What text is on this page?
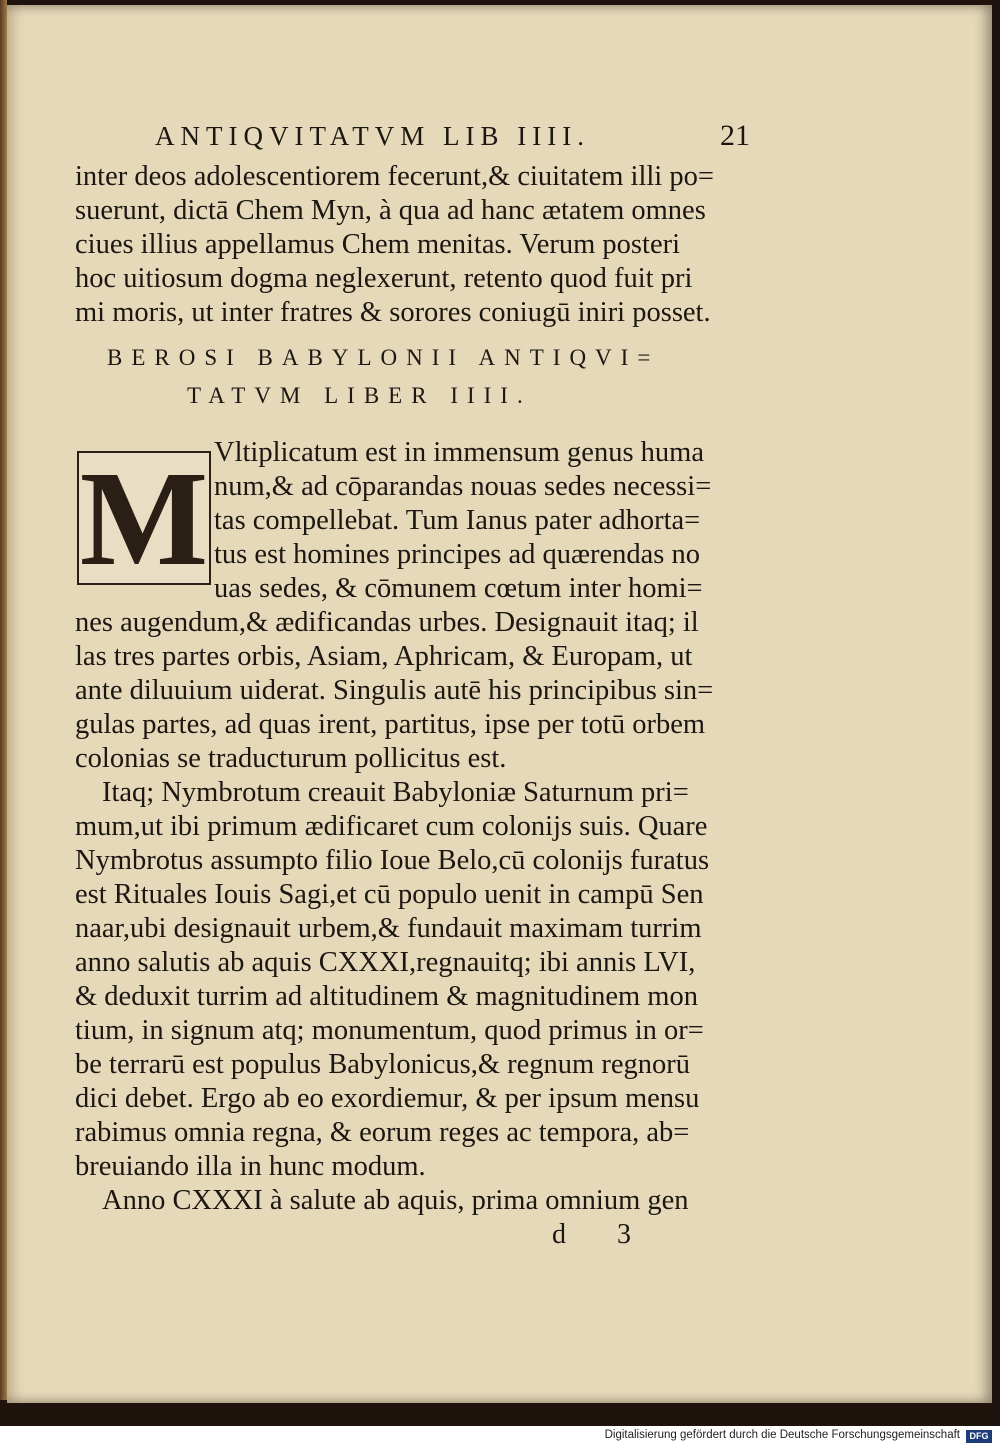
ANTIQVITATVM LIB IIII.	21
inter deos adolescentiorem fecerunt,& ciuitatem illi po=
suerunt, dictā Chem Myn, à qua ad hanc ætatem omnes
ciues illius appellamus Chem menitas. Verum posteri
hoc uitiosum dogma neglexerunt, retento quod fuit pri
mi moris, ut inter fratres & sorores coniugū iniri posset.
BEROSI BABYLONII ANTIQVI=
TATVM LIBER IIII.
M Vltiplicatum est in immensum genus huma
num,& ad cōparandas nouas sedes necessi=
tas compellebat. Tum Ianus pater adhorta=
tus est homines principes ad quærendas no
uas sedes, & cōmunem cœtum inter homi=
nes augendum,& ædificandas urbes. Designauit itaq; il
las tres partes orbis, Asiam, Aphricam, & Europam, ut
ante diluuium uiderat. Singulis autē his principibus sin=
gulas partes, ad quas irent, partitus, ipse per totū orbem
colonias se traducturum pollicitus est.
Itaq; Nymbrotum creauit Babyloniæ Saturnum pri=
mum,ut ibi primum ædificaret cum colonijs suis. Quare
Nymbrotus assumpto filio Ioue Belo,cū colonijs furatus
est Rituales Iouis Sagi,et cū populo uenit in campū Sen
naar,ubi designauit urbem,& fundauit maximam turrim
anno salutis ab aquis CXXXI,regnauitq; ibi annis LVI,
& deduxit turrim ad altitudinem & magnitudinem mon
tium, in signum atq; monumentum, quod primus in or=
be terrarū est populus Babylonicus,& regnum regnorū
dici debet. Ergo ab eo exordiemur, & per ipsum mensu
rabimus omnia regna, & eorum reges ac tempora, ab=
breuiando illa in hunc modum.
Anno CXXXI à salute ab aquis, prima omnium gen
d 3
Digitalisierung gefördert durch die Deutsche Forschungsgemeinschaft	DFG
